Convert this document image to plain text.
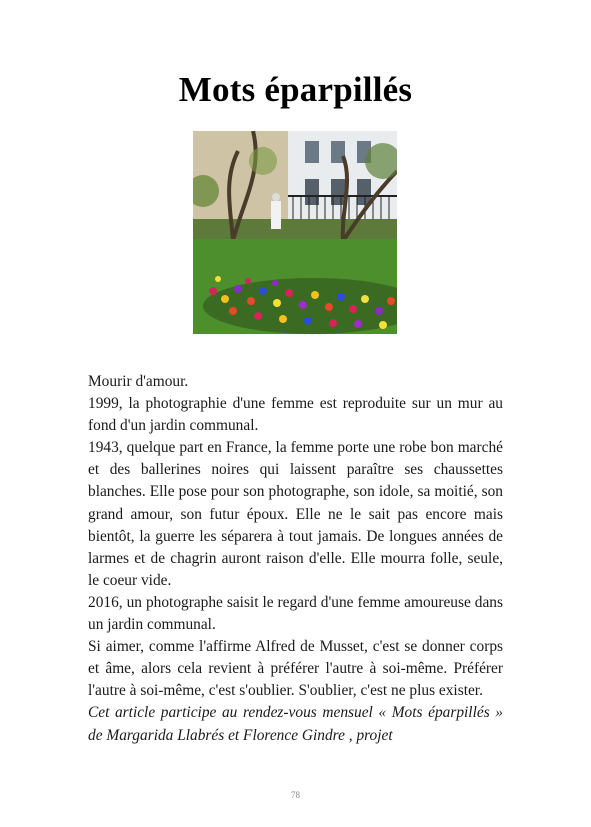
Mots éparpillés

Mourir d'amour.

1999, la photographie d'une femme est reproduite sur un mur au fond d'un jardin communal.

1943, quelque part en France, la femme porte une robe bon marché et des ballerines noires qui laissent paraître ses chaussettes blanches. Elle pose pour son photographe, son idole, sa moitié, son grand amour, son futur époux. Elle ne le sait pas encore mais bientôt, la guerre les séparera à tout jamais. De longues années de larmes et de chagrin auront raison d'elle. Elle mourra folle, seule, le coeur vide.

2016, un photographe saisit le regard d'une femme amoureuse dans un jardin communal.

Si aimer, comme l'affirme Alfred de Musset, c'est se donner corps et âme, alors cela revient à préférer l'autre à soi-même. Préférer l'autre à soi-même, c'est s'oublier. S'oublier, c'est ne plus exister.

Cet article participe au rendez-vous mensuel « Mots éparpillés » de Margarida Llabrés et Florence Gindre , projet

78
